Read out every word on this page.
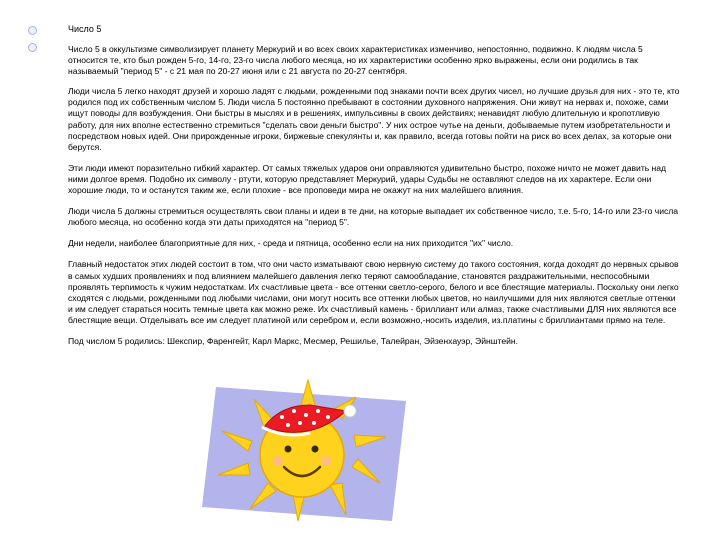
Число 5

Число 5 в оккультизме символизирует планету Меркурий и во всех своих характеристиках изменчиво, непостоянно, подвижно. К людям числа 5 относится те, кто был рожден 5-го, 14-го, 23-го числа любого месяца, но их характеристики особенно ярко выражены, если они родились в так называемый "период 5" - с 21 мая по 20-27 июня или с 21 августа по 20-27 сентября.

Люди числа 5 легко находят друзей и хорошо ладят с людьми, рожденными под знаками почти всех других чисел, но лучшие друзья для них - это те, кто родился под их собственным числом 5. Люди числа 5 постоянно пребывают в состоянии духовного напряжения. Они живут на нервах и, похоже, сами ищут поводы для возбуждения. Они быстры в мыслях и в решениях, импульсивны в своих действиях; ненавидят любую длительную и кропотливую работу, для них вполне естественно стремиться "сделать свои деньги быстро". У них острое чутье на деньги, добываемые путем изобретательности и посредством новых идей. Они прирожденные игроки, биржевые спекулянты и, как правило, всегда готовы пойти на риск во всех делах, за которые они берутся.

Эти люди имеют поразительно гибкий характер. От самых тяжелых ударов они оправляются удивительно быстро, похоже ничто не может давить над ними долгое время. Подобно их символу - ртути, которую представляет Меркурий, удары Судьбы не оставляют следов на их характере. Если они хорошие люди, то и останутся таким же, если плохие - все проповеди мира не окажут на них малейшего влияния.

Люди числа 5 должны стремиться осуществлять свои планы и идеи в те дни, на которые выпадает их собственное число, т.е. 5-го, 14-го или 23-го числа любого месяца, но особенно когда эти даты приходятся на "период 5".

Дни недели, наиболее благоприятные для них, - среда и пятница, особенно если на них приходится "их" число.

Главный недостаток этих людей состоит в том, что они часто изматывают свою нервную систему до такого состояния, когда доходят до нервных срывов в самых худших проявлениях и под влиянием малейшего давления легко теряют самообладание, становятся раздражительными, неспособными проявлять терпимость к чужим недостаткам. Их счастливые цвета - все оттенки светло-серого, белого и все блестящие материалы. Поскольку они легко сходятся с людьми, рожденными под любыми числами, они могут носить все оттенки любых цветов, но наилучшими для них являются светлые оттенки и им следует стараться носить темные цвета как можно реже. Их счастливый камень - бриллиант или алмаз, также счастливыми ДЛЯ них являются все блестящие вещи. Отделывать все им следует платиной или серебром и, если возможно,-носить изделия, из.платины с бриллиантами прямо на теле.

Под числом 5 родились: Шекспир, Фаренгейт, Карл Маркс, Месмер, Решилье, Талейран, Эйзенхауэр, Эйнштейн.
